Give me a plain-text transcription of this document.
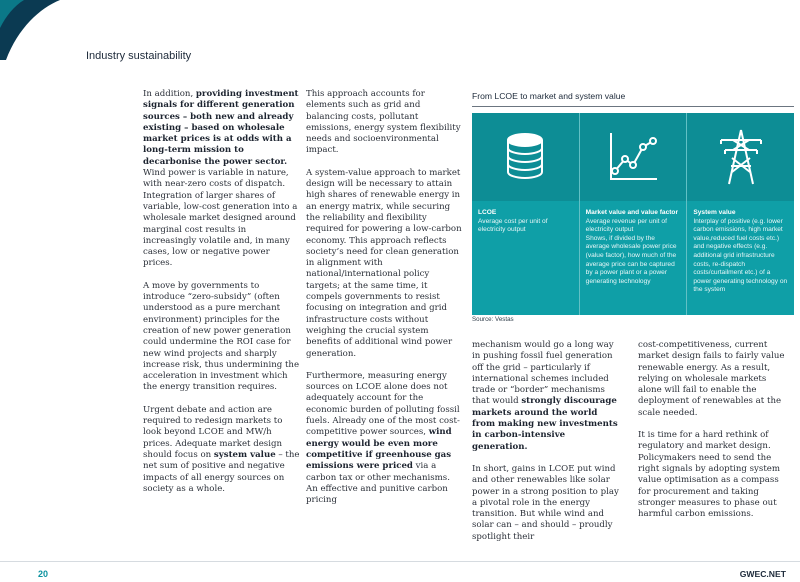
Industry sustainability

In addition, providing investment signals for different generation sources – both new and already existing – based on wholesale market prices is at odds with a long-term mission to decarbonise the power sector. Wind power is variable in nature, with near-zero costs of dispatch. Integration of larger shares of variable, low-cost generation into a wholesale market designed around marginal cost results in increasingly volatile and, in many cases, low or negative power prices.

A move by governments to introduce “zero-subsidy” (often understood as a pure merchant environment) principles for the creation of new power generation could undermine the ROI case for new wind projects and sharply increase risk, thus undermining the acceleration in investment which the energy transition requires.

Urgent debate and action are required to redesign markets to look beyond LCOE and MW/h prices. Adequate market design should focus on system value – the net sum of positive and negative impacts of all energy sources on society as a whole.

This approach accounts for elements such as grid and balancing costs, pollutant emissions, energy system flexibility needs and socioenvironmental impact.

A system-value approach to market design will be necessary to attain high shares of renewable energy in an energy matrix, while securing the reliability and flexibility required for powering a low-carbon economy. This approach reflects society’s need for clean generation in alignment with national/international policy targets; at the same time, it compels governments to resist focusing on integration and grid infrastructure costs without weighing the crucial system benefits of additional wind power generation.

Furthermore, measuring energy sources on LCOE alone does not adequately account for the economic burden of polluting fossil fuels. Already one of the most cost-competitive power sources, wind energy would be even more competitive if greenhouse gas emissions were priced via a carbon tax or other mechanisms. An effective and punitive carbon pricing

From LCOE to market and system value
LCOE
Average cost per unit of electricity output
Market value and value factor
Average revenue per unit of electricity output
Shows, if divided by the average wholesale power price (value factor), how much of the average price can be captured by a power plant or a power generating technology
System value
Interplay of positive (e.g. lower carbon emissions, high market value,reduced fuel costs etc.) and negative effects (e.g. additional grid infrastructure costs, re-dispatch costs/curtailment etc.) of a power generating technology on the system
Source: Vestas

mechanism would go a long way in pushing fossil fuel generation off the grid – particularly if international schemes included trade or “border” mechanisms that would strongly discourage markets around the world from making new investments in carbon-intensive generation.

In short, gains in LCOE put wind and other renewables like solar power in a strong position to play a pivotal role in the energy transition. But while wind and solar can – and should – proudly spotlight their

cost-competitiveness, current market design fails to fairly value renewable energy. As a result, relying on wholesale markets alone will fail to enable the deployment of renewables at the scale needed.

It is time for a hard rethink of regulatory and market design. Policymakers need to send the right signals by adopting system value optimisation as a compass for procurement and taking stronger measures to phase out harmful carbon emissions.

20	GWEC.NET
